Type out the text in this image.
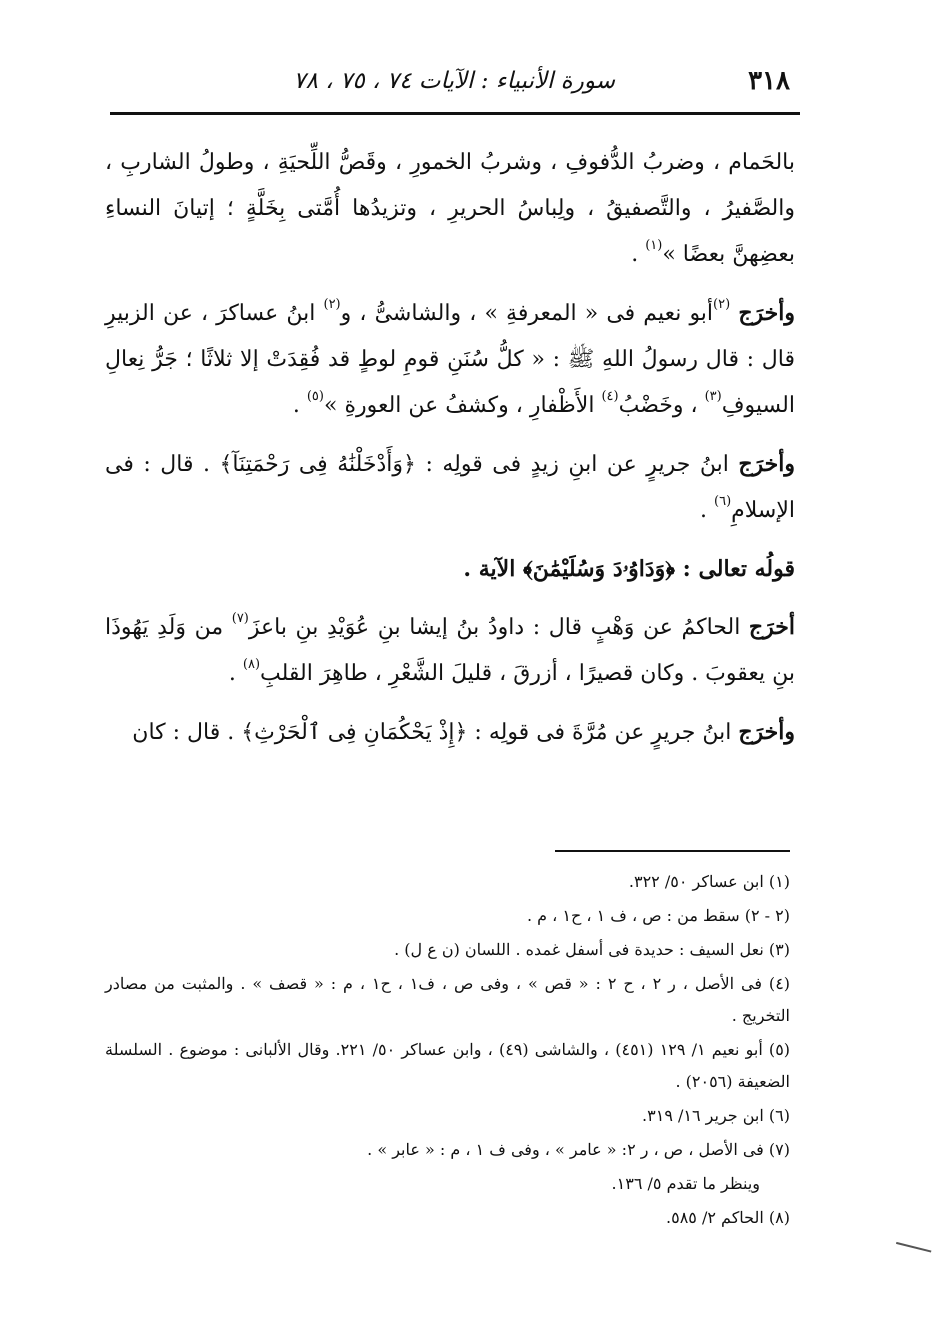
٣١٨
سورة الأنبياء : الآيات ٧٤ ، ٧٥ ، ٧٨

بالحَمام ، وضربُ الدُّفوفِ ، وشربُ الخمورِ ، وقَصُّ اللِّحيَةِ ، وطولُ الشاربِ ، والصَّفيرُ ، والتَّصفيقُ ، ولِباسُ الحريرِ ، وتزيدُها أُمَّتى بِخَلَّةٍ ؛ إتيانَ النساءِ بعضِهنَّ بعضًا »$^{(١)}$ .

وأخرَج $^{(٢)}$أبو نعيم فى « المعرفةِ » ، والشاشىُّ ، و$^{(٢)}$ ابنُ عساكرَ ، عن الزبيرِ قال : قال رسولُ اللهِ ﷺ : « كلُّ سُنَنِ قومِ لوطٍ قد فُقِدَتْ إلا ثلاثًا ؛ جَرُّ نِعالِ السيوفِ$^{(٣)}$ ، وخَضْبُ$^{(٤)}$ الأَظْفارِ ، وكشفُ عن العورةِ »$^{(٥)}$ .

وأخرَج ابنُ جريرٍ عن ابنِ زيدٍ فى قولِه : ﴿وَأَدْخَلْنَٰهُ فِى رَحْمَتِنَآ﴾ . قال : فى الإسلامِ$^{(٦)}$ .

قولُه تعالى : ﴿وَدَاوُۥدَ وَسُلَيْمَٰنَ﴾ الآية .

أخرَج الحاكمُ عن وَهْبٍ قال : داودُ بنُ إيشا بنِ عُوَيْدِ بنِ باعزَ$^{(٧)}$ من وَلَدِ يَهُوذَا بنِ يعقوبَ . وكان قصيرًا ، أزرقَ ، قليلَ الشَّعْرِ ، طاهِرَ القلبِ$^{(٨)}$ .

وأخرَج ابنُ جريرٍ عن مُرَّةَ فى قولِه : ﴿إِذْ يَحْكُمَانِ فِى ٱلْحَرْثِ﴾ . قال : كان

(١) ابن عساكر ٥٠/ ٣٢٢.

(٢ - ٢) سقط من : ص ، ف ١ ، ح١ ، م .

(٣) نعل السيف : حديدة فى أسفل غمده . اللسان (ن ع ل) .

(٤) فى الأصل ، ر ٢ ، ح ٢ : « قص » ، وفى ص ، ف١ ، ح١ ، م : « قصف » . والمثبت من مصادر التخريج .

(٥) أبو نعيم ١/ ١٢٩ (٤٥١) ، والشاشى (٤٩) ، وابن عساكر ٥٠/ ٢٢١. وقال الألبانى : موضوع . السلسلة الضعيفة (٢٠٥٦) .

(٦) ابن جرير ١٦/ ٣١٩.

(٧) فى الأصل ، ص ، ر ٢: « عامر » ، وفى ف ١ ، م : « عابر » .

وينظر ما تقدم ٥/ ١٣٦.

(٨) الحاكم ٢/ ٥٨٥.
